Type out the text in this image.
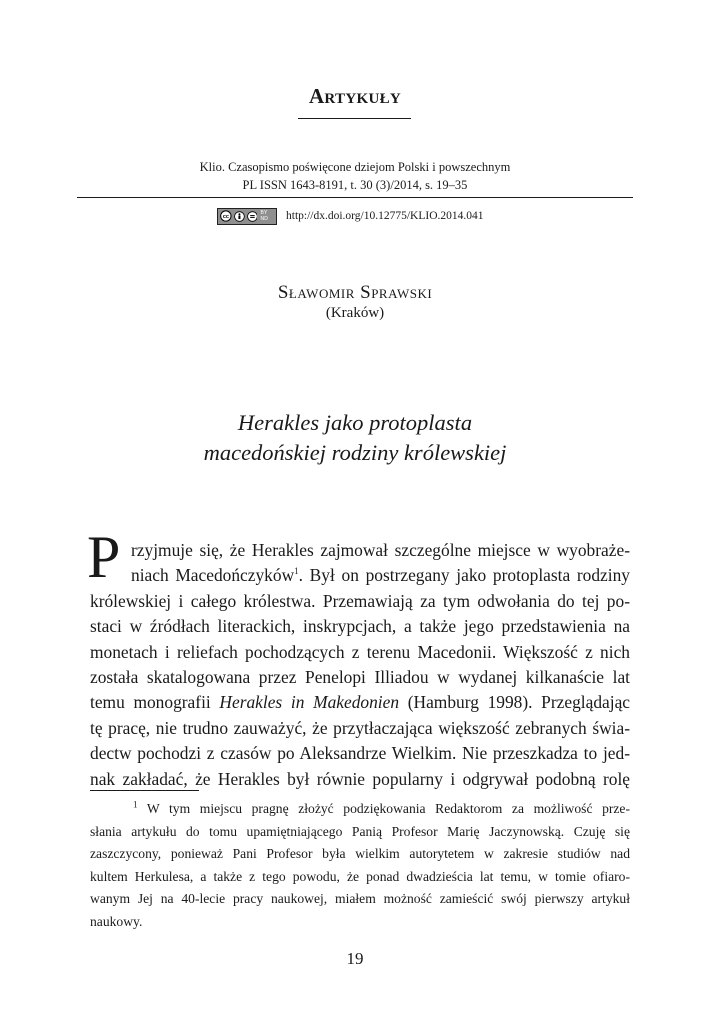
Artykuły
Klio. Czasopismo poświęcone dziejom Polski i powszechnym
PL ISSN 1643-8191, t. 30 (3)/2014, s. 19–35
cc
BY ND	http://dx.doi.org/10.12775/KLIO.2014.041
Sławomir Sprawski
(Kraków)
Herakles jako protoplasta
macedońskiej rodziny królewskiej
P rzyjmuje się, że Herakles zajmował szczególne miejsce w wyobraże-
niach Macedończyków$^1$. Był on postrzegany jako protoplasta rodziny
królewskiej i całego królestwa. Przemawiają za tym odwołania do tej po-
staci w źródłach literackich, inskrypcjach, a także jego przedstawienia na
monetach i reliefach pochodzących z terenu Macedonii. Większość z nich
została skatalogowana przez Penelopi Illiadou w wydanej kilkanaście lat
temu monografii Herakles in Makedonien (Hamburg 1998). Przeglądając
tę pracę, nie trudno zauważyć, że przytłaczająca większość zebranych świa-
dectw pochodzi z czasów po Aleksandrze Wielkim. Nie przeszkadza to jed-
nak zakładać, że Herakles był równie popularny i odgrywał podobną rolę
$^1$ W tym miejscu pragnę złożyć podziękowania Redaktorom za możliwość prze-
słania artykułu do tomu upamiętniającego Panią Profesor Marię Jaczynowską. Czuję się
zaszczycony, ponieważ Pani Profesor była wielkim autorytetem w zakresie studiów nad
kultem Herkulesa, a także z tego powodu, że ponad dwadzieścia lat temu, w tomie ofiaro-
wanym Jej na 40-lecie pracy naukowej, miałem możność zamieścić swój pierwszy artykuł
naukowy.
19
